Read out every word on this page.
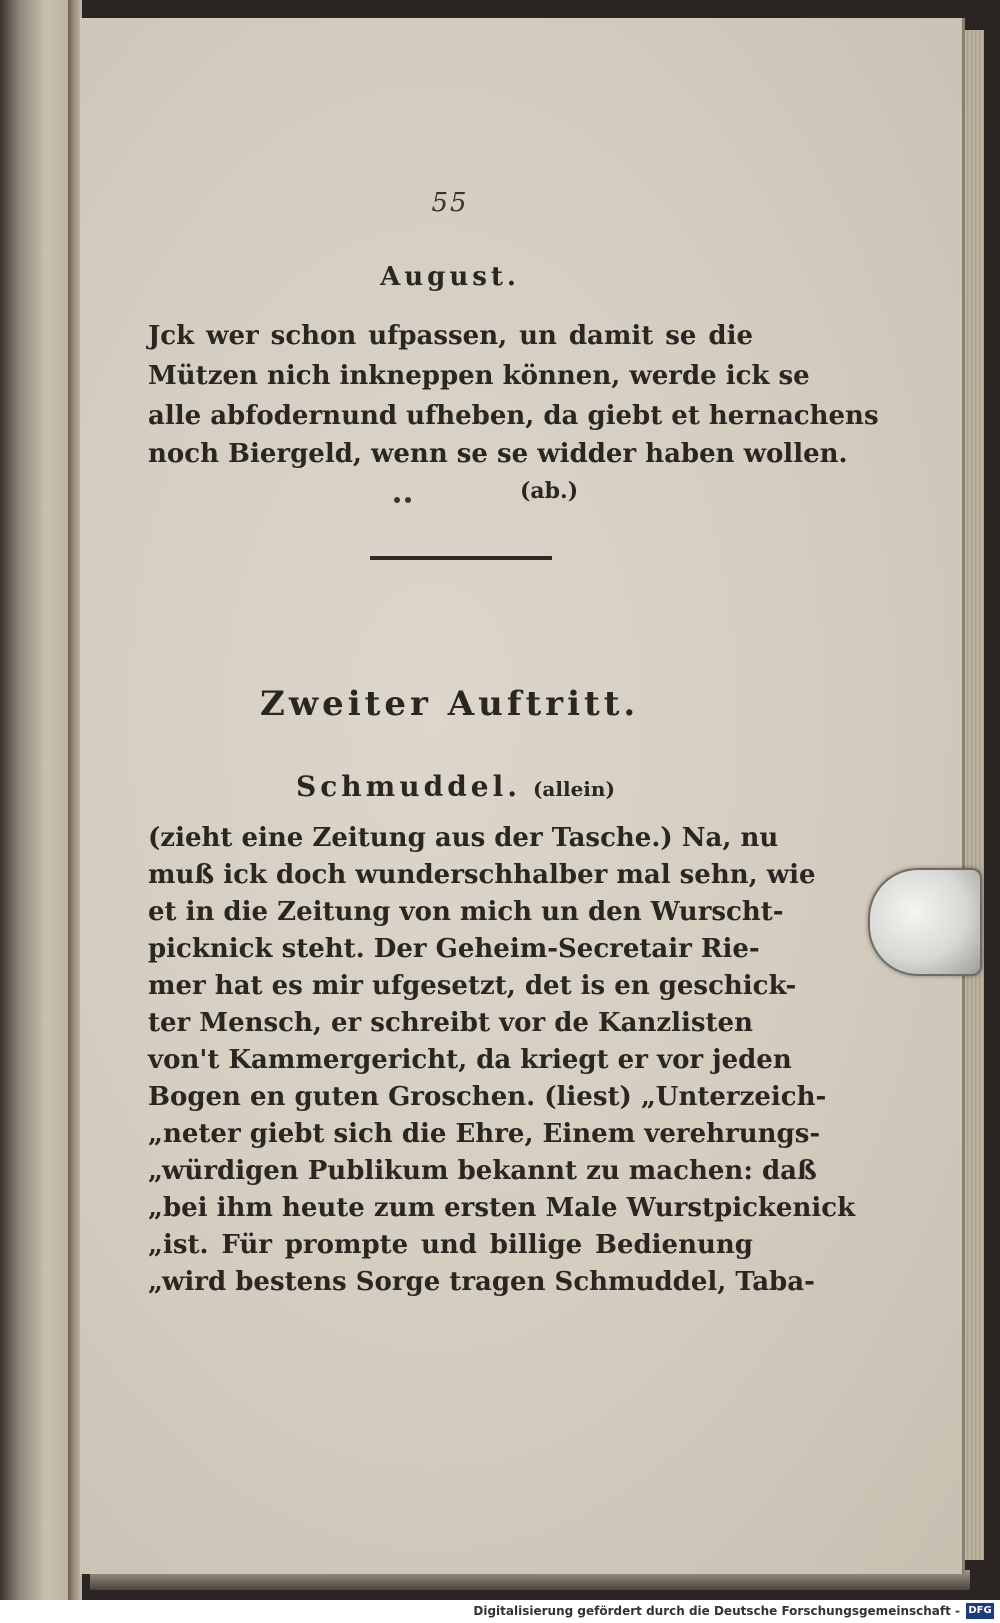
55
August.
Jck wer schon ufpassen, un damit se die
Mützen nich inkneppen können, werde ick se
alle abfodernund ufheben, da giebt et hernachens
noch Biergeld, wenn se se widder haben wollen.
(ab.)
Zweiter Auftritt.
Schmuddel. (allein)
(zieht eine Zeitung aus der Tasche.) Na, nu
muß ick doch wunderschhalber mal sehn, wie
et in die Zeitung von mich un den Wurscht-
picknick steht. Der Geheim-Secretair Rie-
mer hat es mir ufgesetzt, det is en geschick-
ter Mensch, er schreibt vor de Kanzlisten
von't Kammergericht, da kriegt er vor jeden
Bogen en guten Groschen. (liest) „Unterzeich-
„neter giebt sich die Ehre, Einem verehrungs-
„würdigen Publikum bekannt zu machen: daß
„bei ihm heute zum ersten Male Wurstpickenick
„ist. Für prompte und billige Bedienung
„wird bestens Sorge tragen Schmuddel, Taba-
Digitalisierung gefördert durch die Deutsche Forschungsgemeinschaft - DFG
